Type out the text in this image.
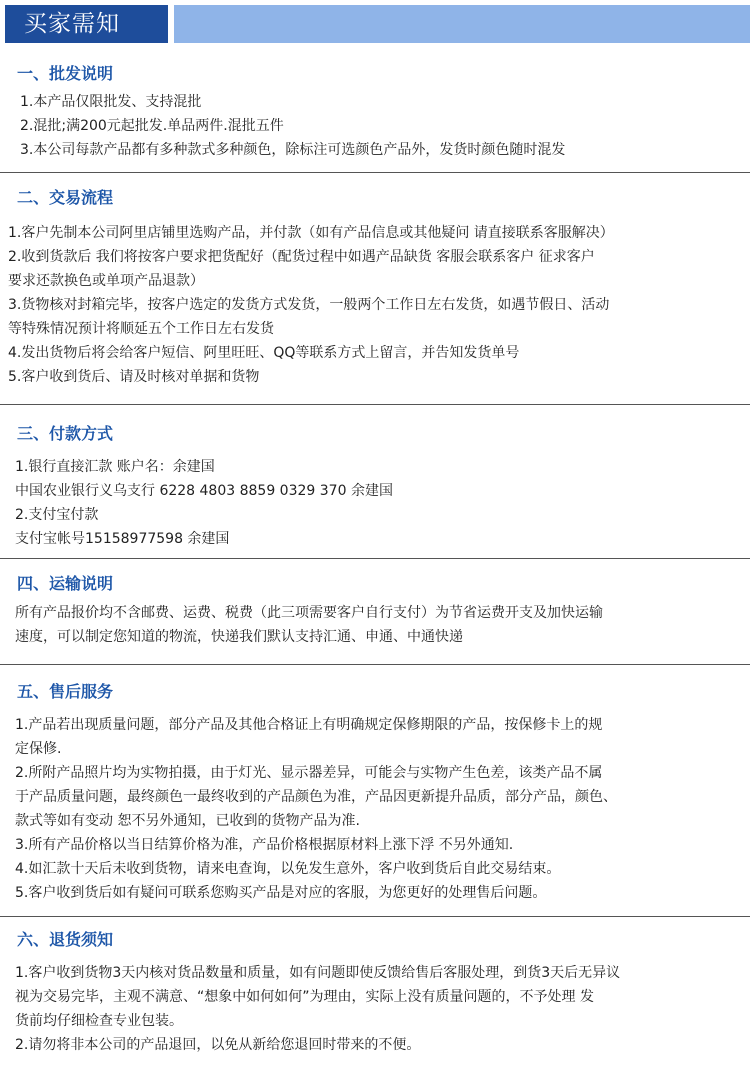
买家需知
一、批发说明
1.本产品仅限批发、支持混批
2.混批;满200元起批发.单品两件.混批五件
3.本公司每款产品都有多种款式多种颜色，除标注可选颜色产品外，发货时颜色随时混发
二、交易流程
1.客户先制本公司阿里店铺里选购产品，并付款（如有产品信息或其他疑问 请直接联系客服解决）
2.收到货款后 我们将按客户要求把货配好（配货过程中如遇产品缺货 客服会联系客户 征求客户
要求还款换色或单项产品退款）
3.货物核对封箱完毕，按客户选定的发货方式发货，一般两个工作日左右发货，如遇节假日、活动
等特殊情况预计将顺延五个工作日左右发货
4.发出货物后将会给客户短信、阿里旺旺、QQ等联系方式上留言，并告知发货单号
5.客户收到货后、请及时核对单据和货物
三、付款方式
1.银行直接汇款 账户名：余建国
中国农业银行义乌支行 6228 4803 8859 0329 370 余建国
2.支付宝付款
支付宝帐号15158977598 余建国
四、运输说明
所有产品报价均不含邮费、运费、税费（此三项需要客户自行支付）为节省运费开支及加快运输
速度，可以制定您知道的物流，快递我们默认支持汇通、申通、中通快递
五、售后服务
1.产品若出现质量问题，部分产品及其他合格证上有明确规定保修期限的产品，按保修卡上的规
定保修.
2.所附产品照片均为实物拍摄，由于灯光、显示器差异，可能会与实物产生色差，该类产品不属
于产品质量问题，最终颜色一最终收到的产品颜色为准，产品因更新提升品质，部分产品，颜色、
款式等如有变动 恕不另外通知，已收到的货物产品为准.
3.所有产品价格以当日结算价格为准，产品价格根据原材料上涨下浮 不另外通知.
4.如汇款十天后未收到货物，请来电查询，以免发生意外，客户收到货后自此交易结束。
5.客户收到货后如有疑问可联系您购买产品是对应的客服，为您更好的处理售后问题。
六、退货须知
1.客户收到货物3天内核对货品数量和质量，如有问题即使反馈给售后客服处理，到货3天后无异议
视为交易完毕，主观不满意、“想象中如何如何”为理由，实际上没有质量问题的，不予处理 发
货前均仔细检查专业包装。
2.请勿将非本公司的产品退回，以免从新给您退回时带来的不便。
